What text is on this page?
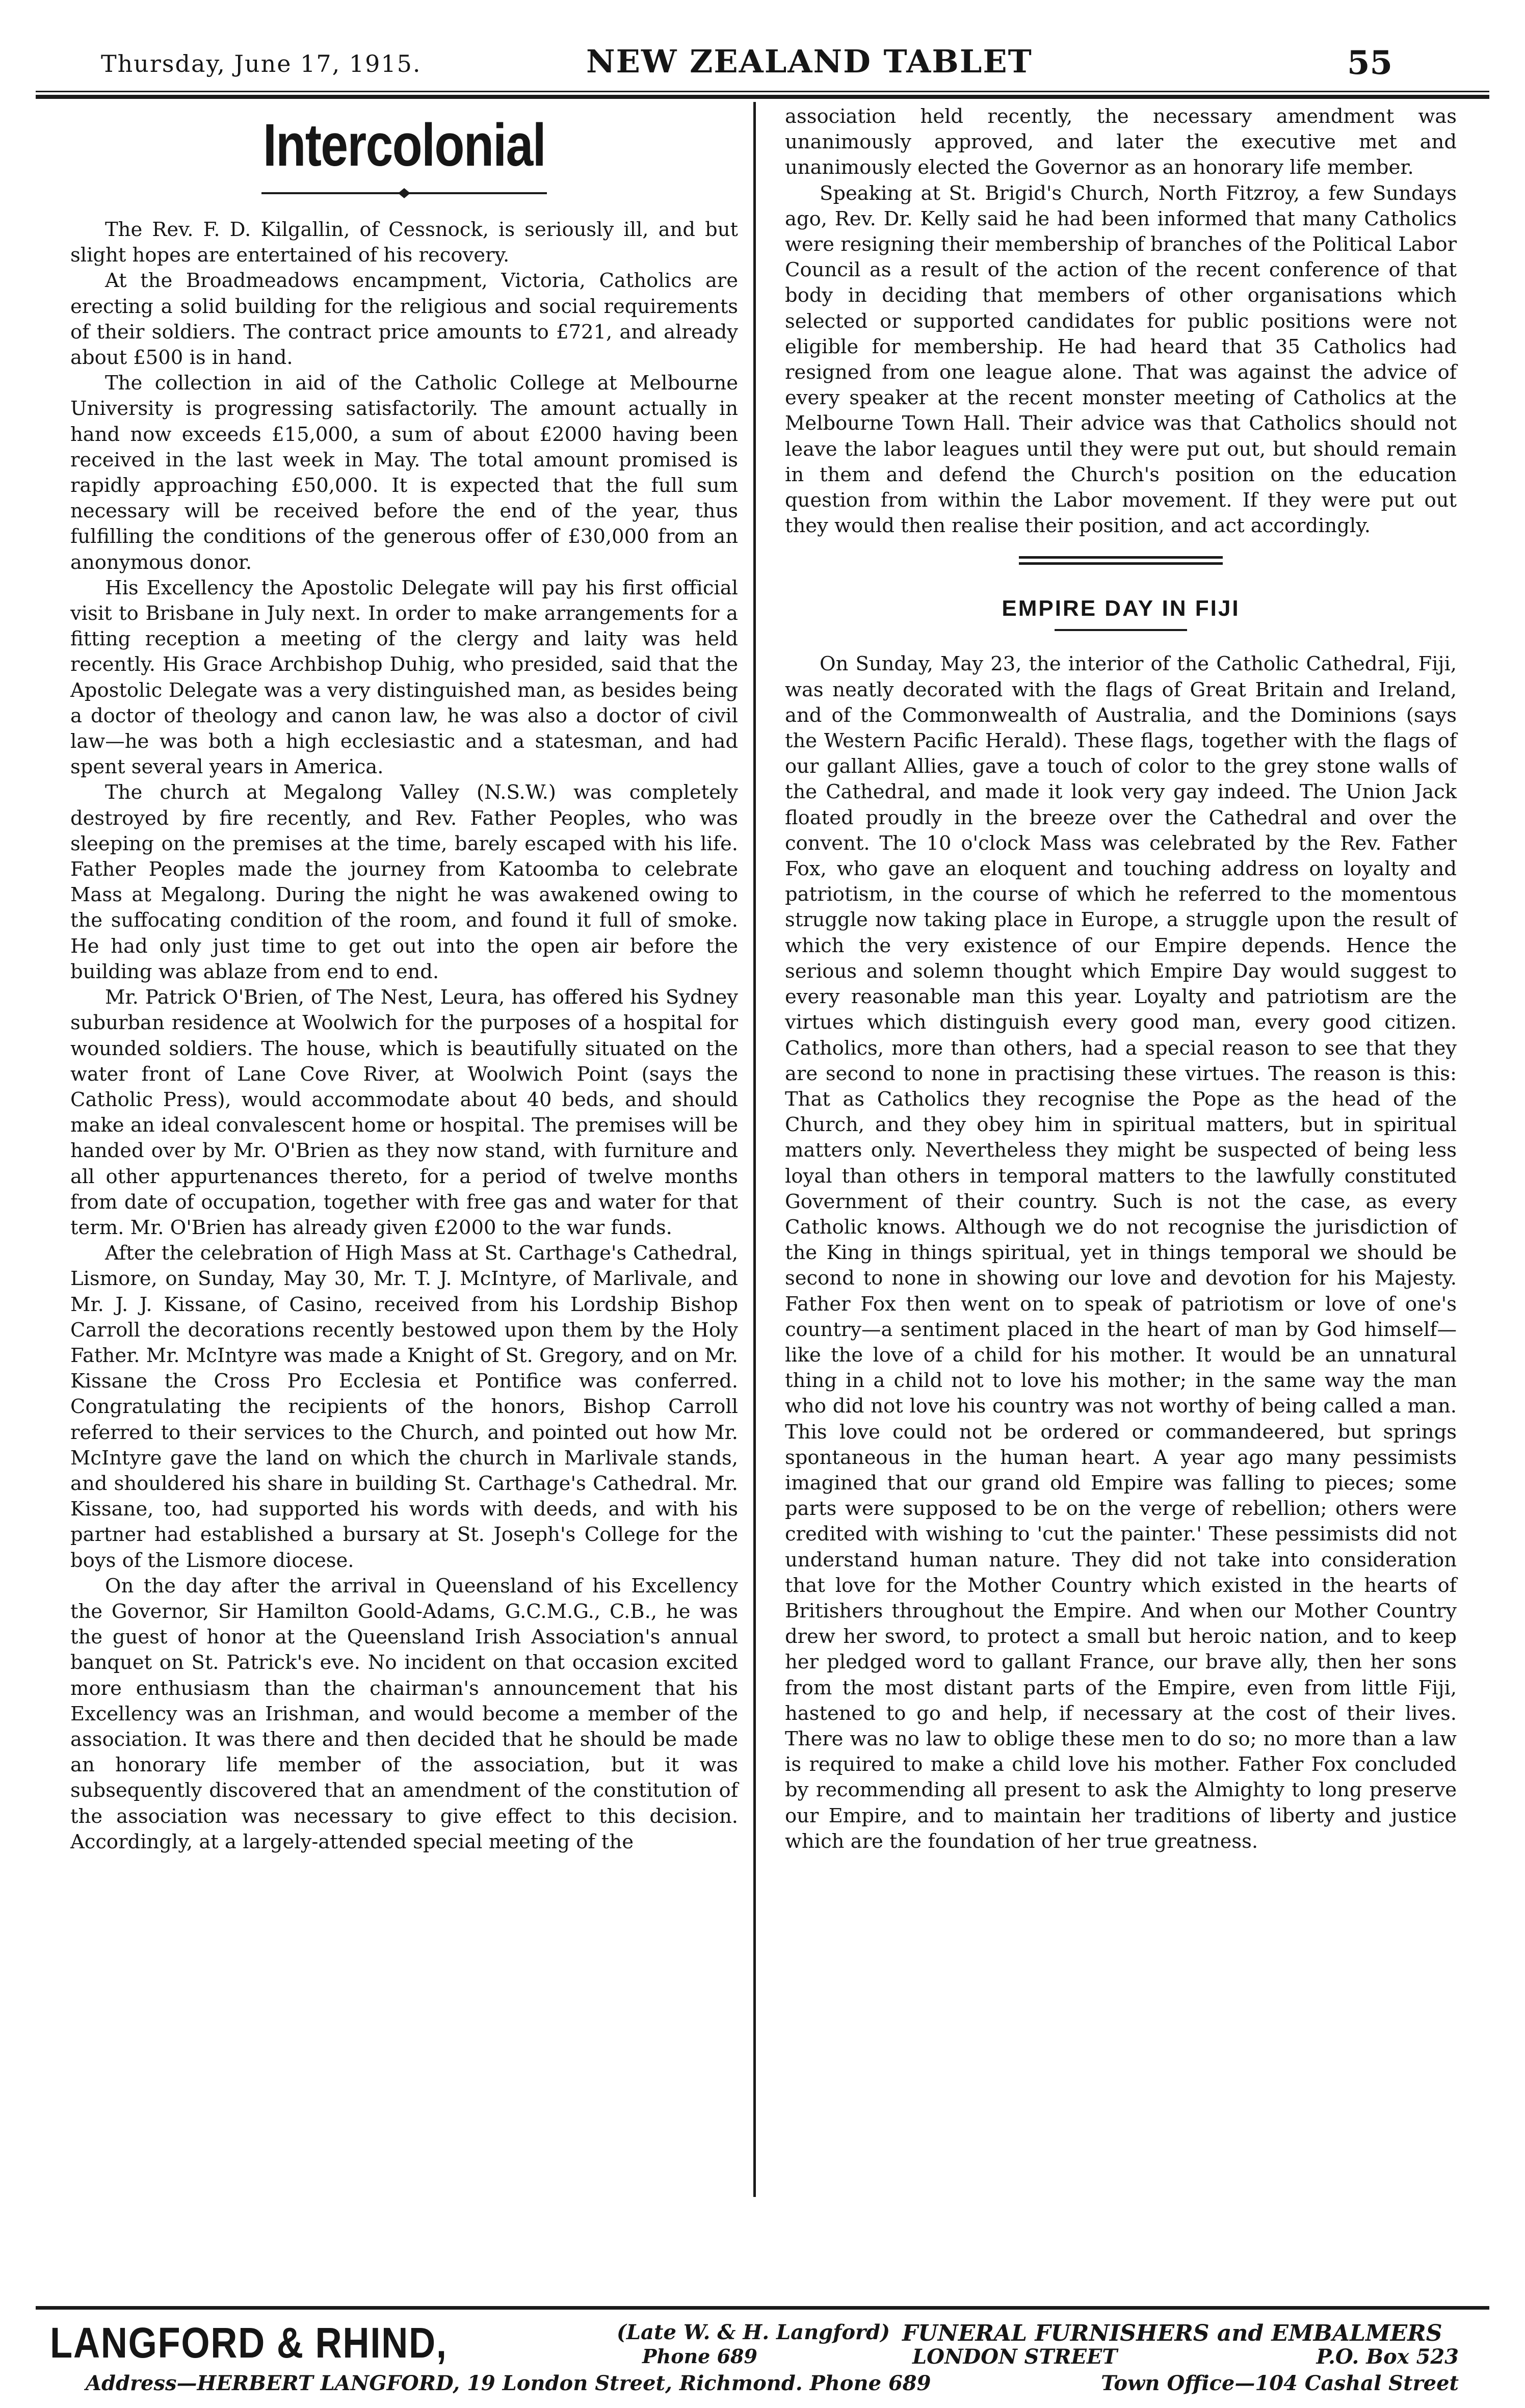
Thursday, June 17, 1915.	NEW ZEALAND TABLET	55
Intercolonial

The Rev. F. D. Kilgallin, of Cessnock, is seriously ill, and but slight hopes are entertained of his recovery.

At the Broadmeadows encampment, Victoria, Catholics are erecting a solid building for the religious and social requirements of their soldiers. The contract price amounts to £721, and already about £500 is in hand.

The collection in aid of the Catholic College at Melbourne University is progressing satisfactorily. The amount actually in hand now exceeds £15,000, a sum of about £2000 having been received in the last week in May. The total amount promised is rapidly approaching £50,000. It is expected that the full sum necessary will be received before the end of the year, thus fulfilling the conditions of the generous offer of £30,000 from an anonymous donor.

His Excellency the Apostolic Delegate will pay his first official visit to Brisbane in July next. In order to make arrangements for a fitting reception a meeting of the clergy and laity was held recently. His Grace Archbishop Duhig, who presided, said that the Apostolic Delegate was a very distinguished man, as besides being a doctor of theology and canon law, he was also a doctor of civil law—he was both a high ecclesiastic and a statesman, and had spent several years in America.

The church at Megalong Valley (N.S.W.) was completely destroyed by fire recently, and Rev. Father Peoples, who was sleeping on the premises at the time, barely escaped with his life. Father Peoples made the journey from Katoomba to celebrate Mass at Megalong. During the night he was awakened owing to the suffocating condition of the room, and found it full of smoke. He had only just time to get out into the open air before the building was ablaze from end to end.

Mr. Patrick O'Brien, of The Nest, Leura, has offered his Sydney suburban residence at Woolwich for the purposes of a hospital for wounded soldiers. The house, which is beautifully situated on the water front of Lane Cove River, at Woolwich Point (says the Catholic Press), would accommodate about 40 beds, and should make an ideal convalescent home or hospital. The premises will be handed over by Mr. O'Brien as they now stand, with furniture and all other appurtenances thereto, for a period of twelve months from date of occupation, together with free gas and water for that term. Mr. O'Brien has already given £2000 to the war funds.

After the celebration of High Mass at St. Carthage's Cathedral, Lismore, on Sunday, May 30, Mr. T. J. McIntyre, of Marlivale, and Mr. J. J. Kissane, of Casino, received from his Lordship Bishop Carroll the decorations recently bestowed upon them by the Holy Father. Mr. McIntyre was made a Knight of St. Gregory, and on Mr. Kissane the Cross Pro Ecclesia et Pontifice was conferred. Congratulating the recipients of the honors, Bishop Carroll referred to their services to the Church, and pointed out how Mr. McIntyre gave the land on which the church in Marlivale stands, and shouldered his share in building St. Carthage's Cathedral. Mr. Kissane, too, had supported his words with deeds, and with his partner had established a bursary at St. Joseph's College for the boys of the Lismore diocese.

On the day after the arrival in Queensland of his Excellency the Governor, Sir Hamilton Goold-Adams, G.C.M.G., C.B., he was the guest of honor at the Queensland Irish Association's annual banquet on St. Patrick's eve. No incident on that occasion excited more enthusiasm than the chairman's announcement that his Excellency was an Irishman, and would become a member of the association. It was there and then decided that he should be made an honorary life member of the association, but it was subsequently discovered that an amendment of the constitution of the association was necessary to give effect to this decision. Accordingly, at a largely-attended special meeting of the

association held recently, the necessary amendment was unanimously approved, and later the executive met and unanimously elected the Governor as an honorary life member.

Speaking at St. Brigid's Church, North Fitzroy, a few Sundays ago, Rev. Dr. Kelly said he had been informed that many Catholics were resigning their membership of branches of the Political Labor Council as a result of the action of the recent conference of that body in deciding that members of other organisations which selected or supported candidates for public positions were not eligible for membership. He had heard that 35 Catholics had resigned from one league alone. That was against the advice of every speaker at the recent monster meeting of Catholics at the Melbourne Town Hall. Their advice was that Catholics should not leave the labor leagues until they were put out, but should remain in them and defend the Church's position on the education question from within the Labor movement. If they were put out they would then realise their position, and act accordingly.

EMPIRE DAY IN FIJI

On Sunday, May 23, the interior of the Catholic Cathedral, Fiji, was neatly decorated with the flags of Great Britain and Ireland, and of the Commonwealth of Australia, and the Dominions (says the Western Pacific Herald). These flags, together with the flags of our gallant Allies, gave a touch of color to the grey stone walls of the Cathedral, and made it look very gay indeed. The Union Jack floated proudly in the breeze over the Cathedral and over the convent. The 10 o'clock Mass was celebrated by the Rev. Father Fox, who gave an eloquent and touching address on loyalty and patriotism, in the course of which he referred to the momentous struggle now taking place in Europe, a struggle upon the result of which the very existence of our Empire depends. Hence the serious and solemn thought which Empire Day would suggest to every reasonable man this year. Loyalty and patriotism are the virtues which distinguish every good man, every good citizen. Catholics, more than others, had a special reason to see that they are second to none in practising these virtues. The reason is this: That as Catholics they recognise the Pope as the head of the Church, and they obey him in spiritual matters, but in spiritual matters only. Nevertheless they might be suspected of being less loyal than others in temporal matters to the lawfully constituted Government of their country. Such is not the case, as every Catholic knows. Although we do not recognise the jurisdiction of the King in things spiritual, yet in things temporal we should be second to none in showing our love and devotion for his Majesty. Father Fox then went on to speak of patriotism or love of one's country—a sentiment placed in the heart of man by God himself—like the love of a child for his mother. It would be an unnatural thing in a child not to love his mother; in the same way the man who did not love his country was not worthy of being called a man. This love could not be ordered or commandeered, but springs spontaneous in the human heart. A year ago many pessimists imagined that our grand old Empire was falling to pieces; some parts were supposed to be on the verge of rebellion; others were credited with wishing to 'cut the painter.' These pessimists did not understand human nature. They did not take into consideration that love for the Mother Country which existed in the hearts of Britishers throughout the Empire. And when our Mother Country drew her sword, to protect a small but heroic nation, and to keep her pledged word to gallant France, our brave ally, then her sons from the most distant parts of the Empire, even from little Fiji, hastened to go and help, if necessary at the cost of their lives. There was no law to oblige these men to do so; no more than a law is required to make a child love his mother. Father Fox concluded by recommending all present to ask the Almighty to long preserve our Empire, and to maintain her traditions of liberty and justice which are the foundation of her true greatness.

LANGFORD & RHIND,	(Late W. & H. Langford)
Phone 689
FUNERAL FURNISHERS and EMBALMERS
LONDON STREET	P.O. Box 523
Address—HERBERT LANGFORD, 19 London Street, Richmond. Phone 689	Town Office—104 Cashal Street
